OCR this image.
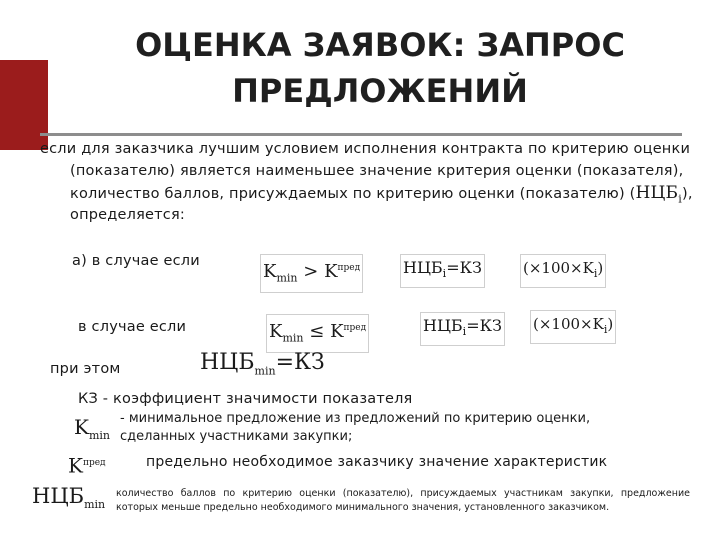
ОЦЕНКА ЗАЯВОК: ЗАПРОС
ПРЕДЛОЖЕНИЙ
если для заказчика лучшим условием исполнения контракта по критерию оценки
(показателю) является наименьшее значение критерия оценки (показателя),
количество баллов, присуждаемых по критерию оценки (показателю) $(НЦБ_i)$,
определяется:
а) в случае если	$K_{min} > K^{пред}$	$НЦБ_i=КЗ$	$(\times 100\times K_i)$
в случае если	$K_{min} \le K^{пред}$	$НЦБ_i=КЗ$ $(\times 100\times K_i)$
при этом	$НЦБ_{min}=КЗ$
КЗ - коэффициент значимости показателя
$K_{min}$
- минимальное предложение из предложений по критерию оценки,
сделанных участниками закупки;
$K^{пред}$	предельно необходимое заказчику значение характеристик
$НЦБ_{min}$
количество баллов по критерию оценки (показателю), присуждаемых участникам закупки, предложение которых меньше предельно необходимого минимального значения, установленного заказчиком.
